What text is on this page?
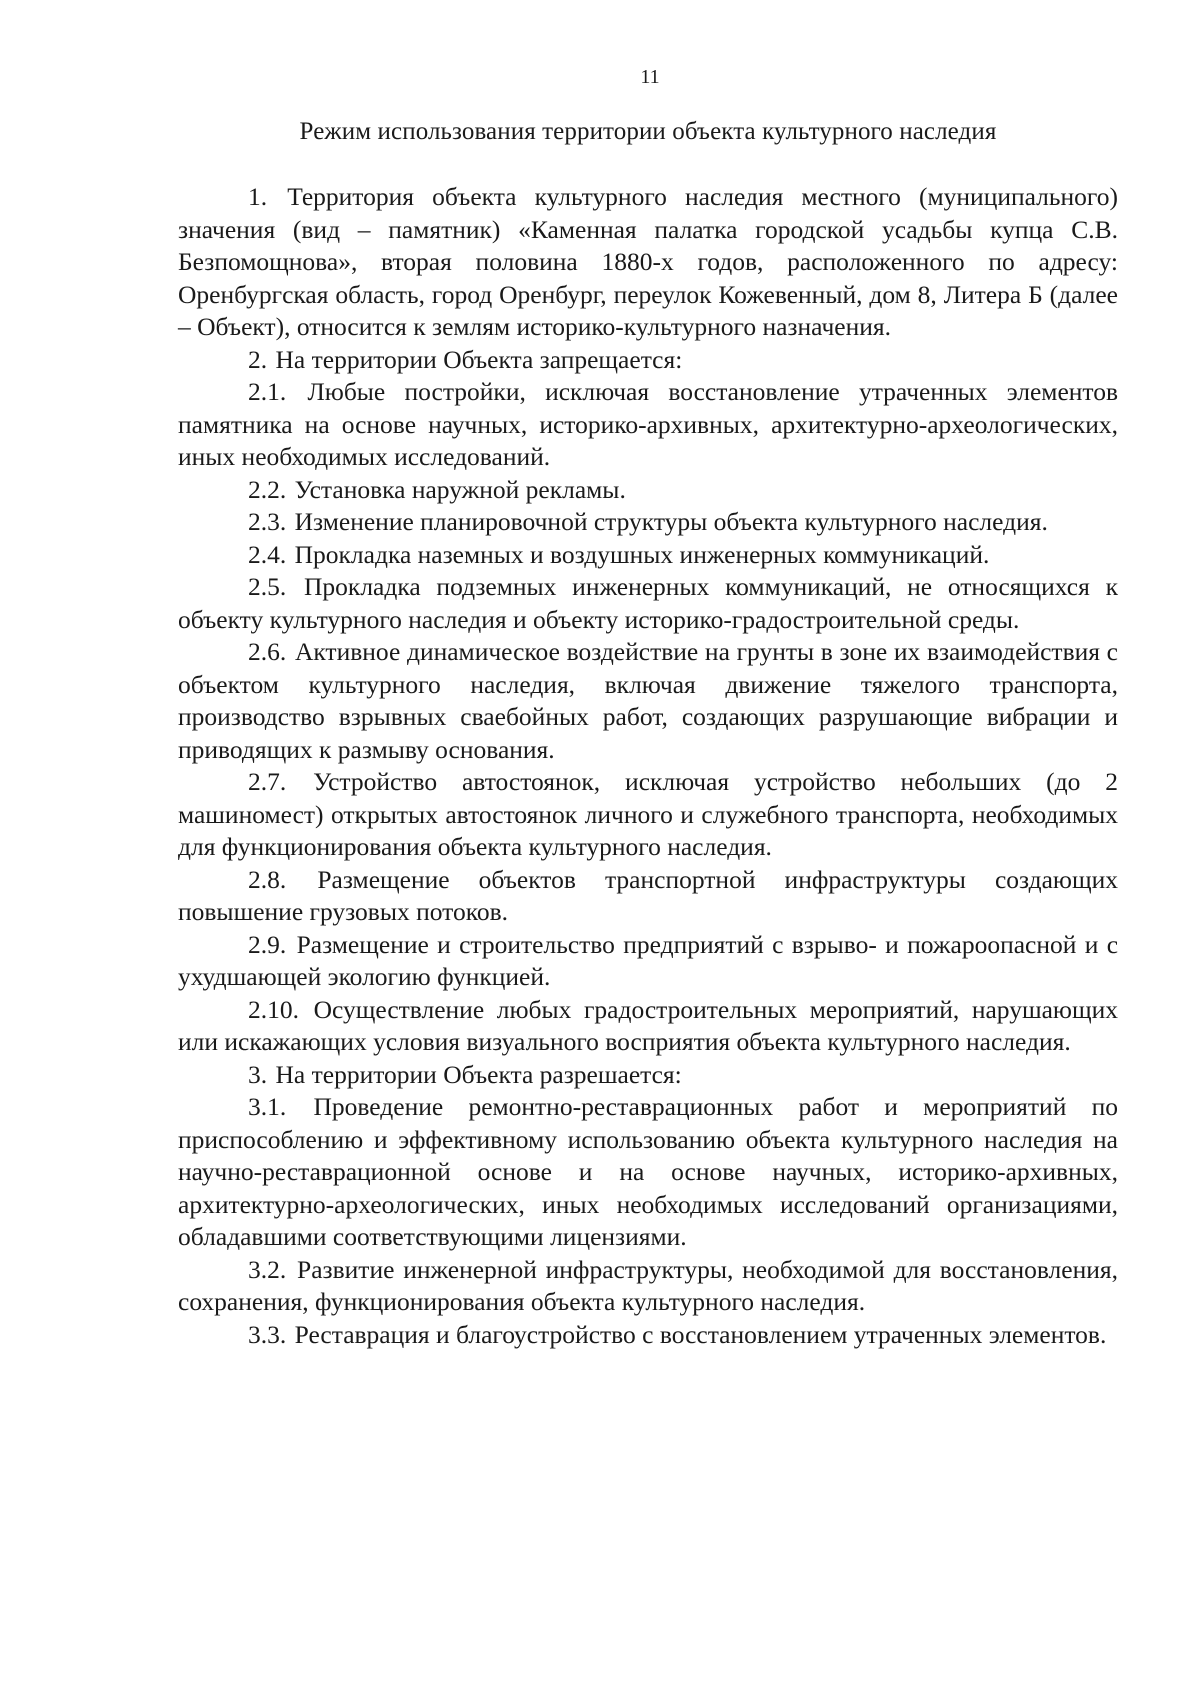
11
Режим использования территории объекта культурного наследия

1. Территория объекта культурного наследия местного (муниципального) значения (вид – памятник) «Каменная палатка городской усадьбы купца С.В. Безпомощнова», вторая половина 1880-х годов, расположенного по адресу: Оренбургская область, город Оренбург, переулок Кожевенный, дом 8, Литера Б (далее – Объект), относится к землям историко-культурного назначения.

2. На территории Объекта запрещается:

2.1. Любые постройки, исключая восстановление утраченных элементов памятника на основе научных, историко-архивных, архитектурно-археологических, иных необходимых исследований.

2.2. Установка наружной рекламы.

2.3. Изменение планировочной структуры объекта культурного наследия.

2.4. Прокладка наземных и воздушных инженерных коммуникаций.

2.5. Прокладка подземных инженерных коммуникаций, не относящихся к объекту культурного наследия и объекту историко-градостроительной среды.

2.6. Активное динамическое воздействие на грунты в зоне их взаимодействия с объектом культурного наследия, включая движение тяжелого транспорта, производство взрывных сваебойных работ, создающих разрушающие вибрации и приводящих к размыву основания.

2.7. Устройство автостоянок, исключая устройство небольших (до 2 машиномест) открытых автостоянок личного и служебного транспорта, необходимых для функционирования объекта культурного наследия.

2.8. Размещение объектов транспортной инфраструктуры создающих повышение грузовых потоков.

2.9. Размещение и строительство предприятий с взрыво- и пожароопасной и с ухудшающей экологию функцией.

2.10. Осуществление любых градостроительных мероприятий, нарушающих или искажающих условия визуального восприятия объекта культурного наследия.

3. На территории Объекта разрешается:

3.1. Проведение ремонтно-реставрационных работ и мероприятий по приспособлению и эффективному использованию объекта культурного наследия на научно-реставрационной основе и на основе научных, историко-архивных, архитектурно-археологических, иных необходимых исследований организациями, обладавшими соответствующими лицензиями.

3.2. Развитие инженерной инфраструктуры, необходимой для восстановления, сохранения, функционирования объекта культурного наследия.

3.3. Реставрация и благоустройство с восстановлением утраченных элементов.
